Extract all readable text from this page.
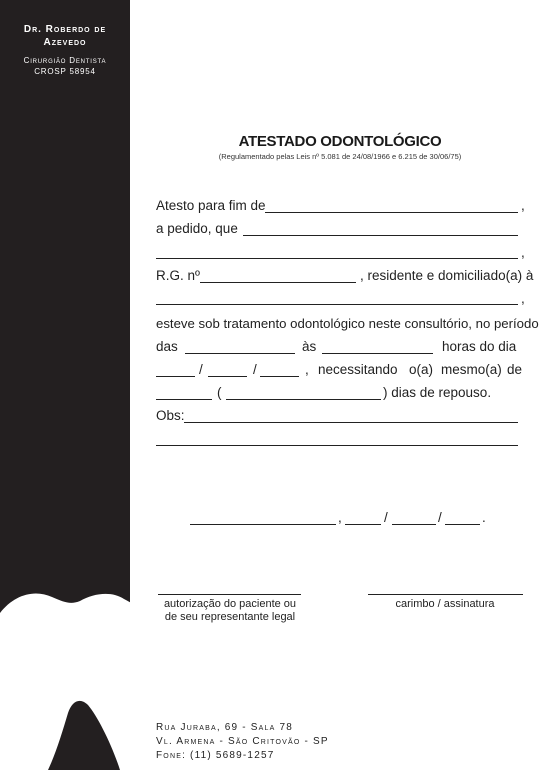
Dr. Roberdo de
Azevedo
Cirurgião Dentista
CROSP 58954
ATESTADO ODONTOLÓGICO
(Regulamentado pelas Leis nº 5.081 de 24/08/1966 e 6.215 de 30/06/75)
Atesto para fim de	,
a pedido, que
,
R.G. nº	, residente e domiciliado(a) à
,
esteve sob tratamento odontológico neste consultório, no período
das	às	horas do dia
/	/	, necessitando o(a) mesmo(a) de
(	) dias de repouso.
Obs:
,	/	/	.
autorização do paciente ou
de seu representante legal
carimbo / assinatura
Rua Juraba, 69 - Sala 78
Vl. Armena - São Critovão - SP
Fone: (11) 5689-1257
